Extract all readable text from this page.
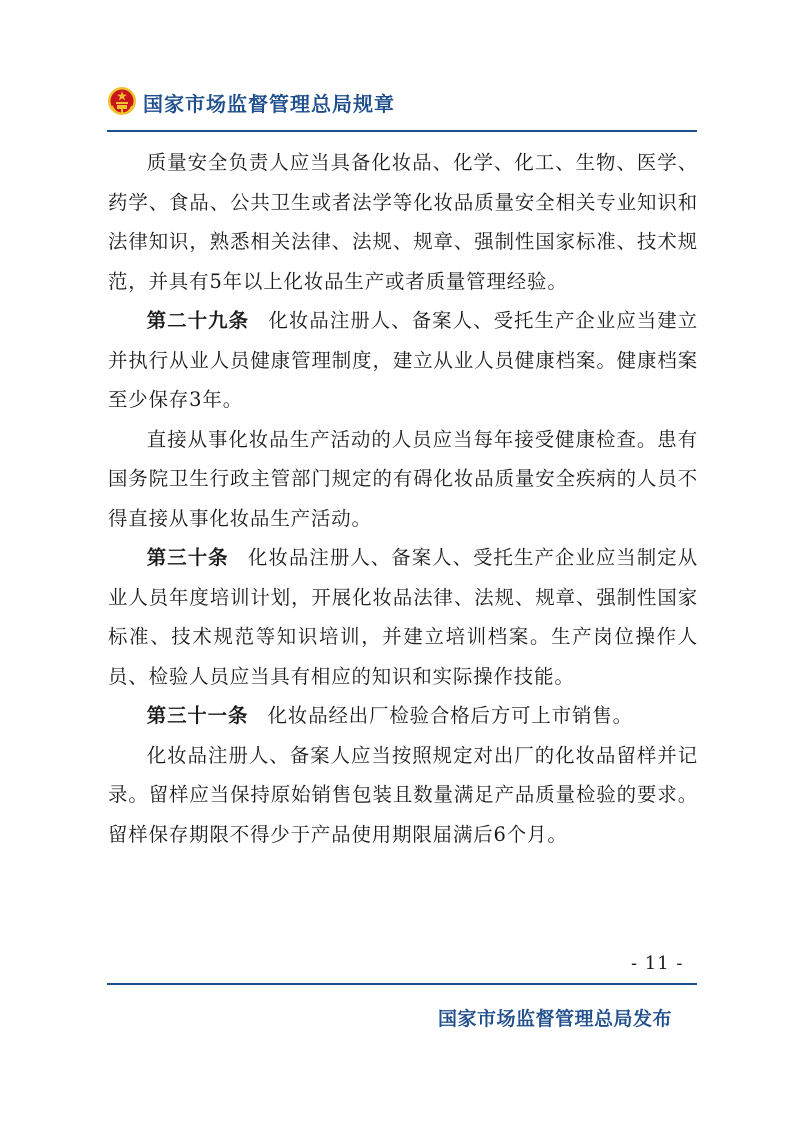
国家市场监督管理总局规章

质量安全负责人应当具备化妆品、化学、化工、生物、医学、药学、食品、公共卫生或者法学等化妆品质量安全相关专业知识和法律知识，熟悉相关法律、法规、规章、强制性国家标准、技术规范，并具有5年以上化妆品生产或者质量管理经验。

第二十九条 化妆品注册人、备案人、受托生产企业应当建立并执行从业人员健康管理制度，建立从业人员健康档案。健康档案至少保存3年。

直接从事化妆品生产活动的人员应当每年接受健康检查。患有国务院卫生行政主管部门规定的有碍化妆品质量安全疾病的人员不得直接从事化妆品生产活动。

第三十条 化妆品注册人、备案人、受托生产企业应当制定从业人员年度培训计划，开展化妆品法律、法规、规章、强制性国家标准、技术规范等知识培训，并建立培训档案。生产岗位操作人员、检验人员应当具有相应的知识和实际操作技能。

第三十一条 化妆品经出厂检验合格后方可上市销售。

化妆品注册人、备案人应当按照规定对出厂的化妆品留样并记录。留样应当保持原始销售包装且数量满足产品质量检验的要求。留样保存期限不得少于产品使用期限届满后6个月。

- 11 -
国家市场监督管理总局发布
